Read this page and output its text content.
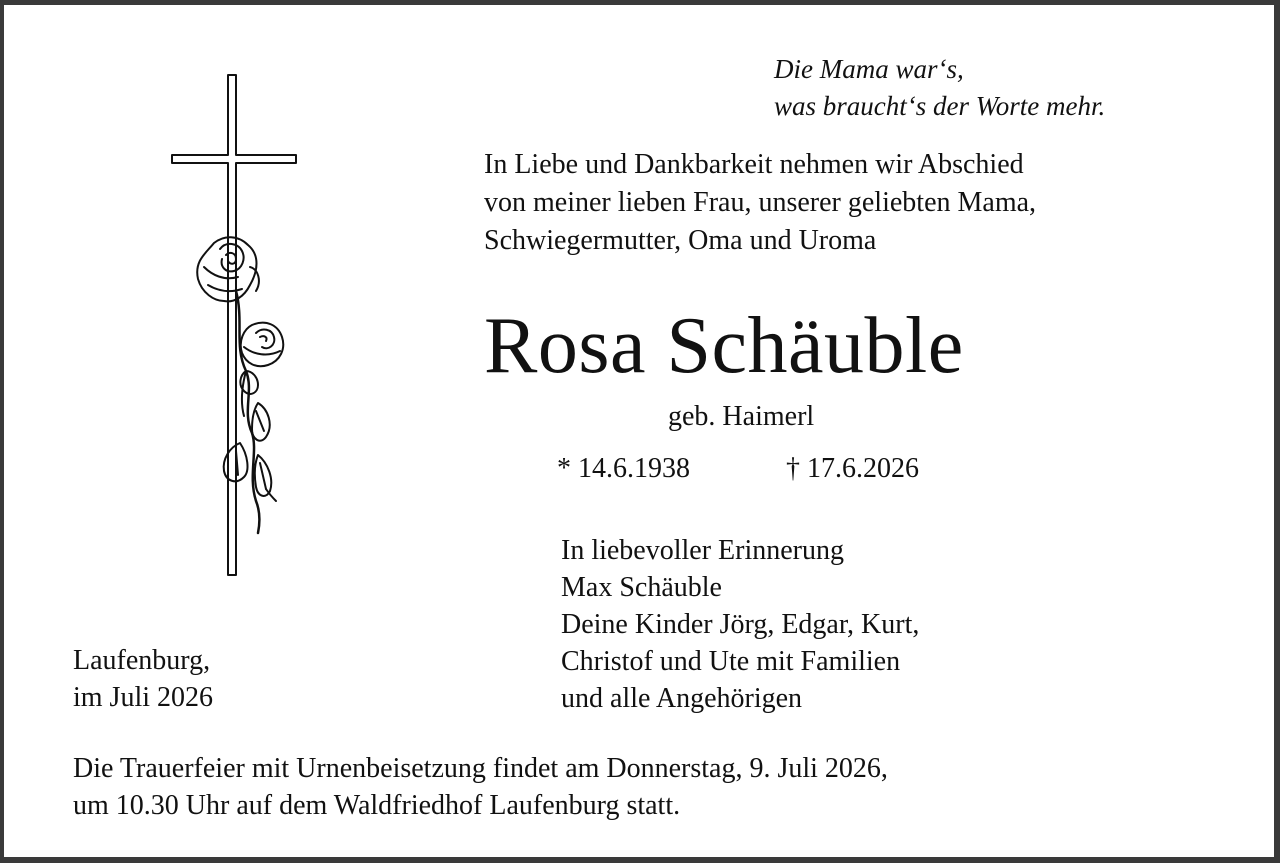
Die Mama war‘s,
was braucht‘s der Worte mehr.
In Liebe und Dankbarkeit nehmen wir Abschied
von meiner lieben Frau, unserer geliebten Mama,
Schwiegermutter, Oma und Uroma
Rosa Schäuble
geb. Haimerl
* 14.6.1938	† 17.6.2026
In liebevoller Erinnerung
Max Schäuble
Deine Kinder Jörg, Edgar, Kurt,
Christof und Ute mit Familien
und alle Angehörigen
Laufenburg,
im Juli 2026
Die Trauerfeier mit Urnenbeisetzung findet am Donnerstag, 9. Juli 2026,
um 10.30 Uhr auf dem Waldfriedhof Laufenburg statt.
